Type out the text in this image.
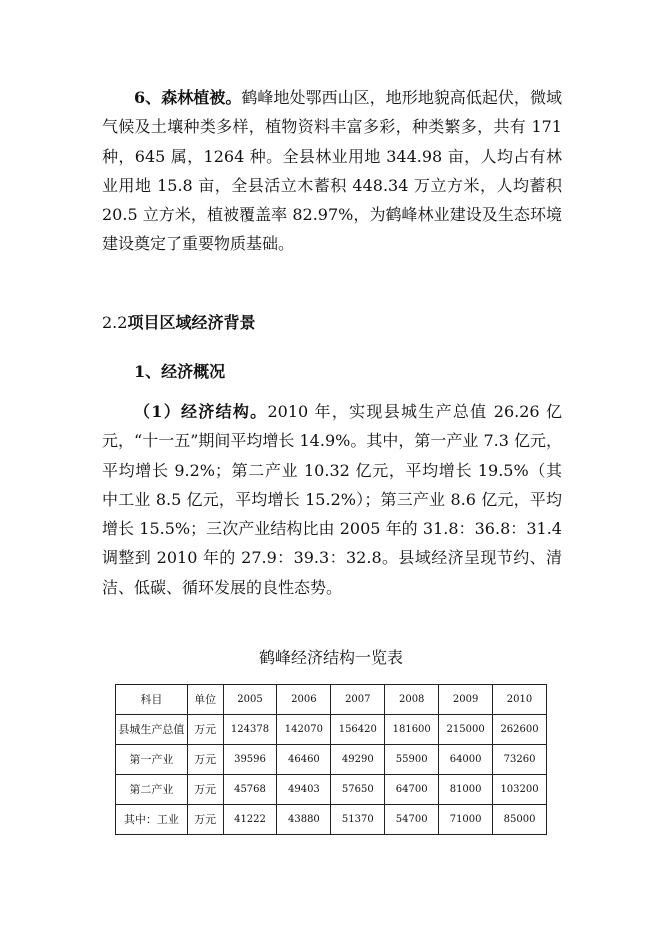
6、森林植被。鹤峰地处鄂西山区，地形地貌高低起伏，微域气候及土壤种类多样，植物资料丰富多彩，种类繁多，共有 171 种，645 属，1264 种。全县林业用地 344.98 亩，人均占有林业用地 15.8 亩，全县活立木蓄积 448.34 万立方米，人均蓄积 20.5 立方米，植被覆盖率 82.97%，为鹤峰林业建设及生态环境建设奠定了重要物质基础。

2.2项目区域经济背景
1、经济概况

（1）经济结构。2010 年，实现县城生产总值 26.26 亿元，“十一五”期间平均增长 14.9%。其中，第一产业 7.3 亿元，平均增长 9.2%；第二产业 10.32 亿元，平均增长 19.5%（其中工业 8.5 亿元，平均增长 15.2%）；第三产业 8.6 亿元，平均增长 15.5%；三次产业结构比由 2005 年的 31.8：36.8：31.4 调整到 2010 年的 27.9：39.3：32.8。县域经济呈现节约、清洁、低碳、循环发展的良性态势。

鹤峰经济结构一览表
科目	单位	2005	2006	2007	2008	2009	2010
县城生产总值	万元	124378	142070	156420	181600	215000	262600
第一产业	万元	39596	46460	49290	55900	64000	73260
第二产业	万元	45768	49403	57650	64700	81000	103200
其中：工业	万元	41222	43880	51370	54700	71000	85000
